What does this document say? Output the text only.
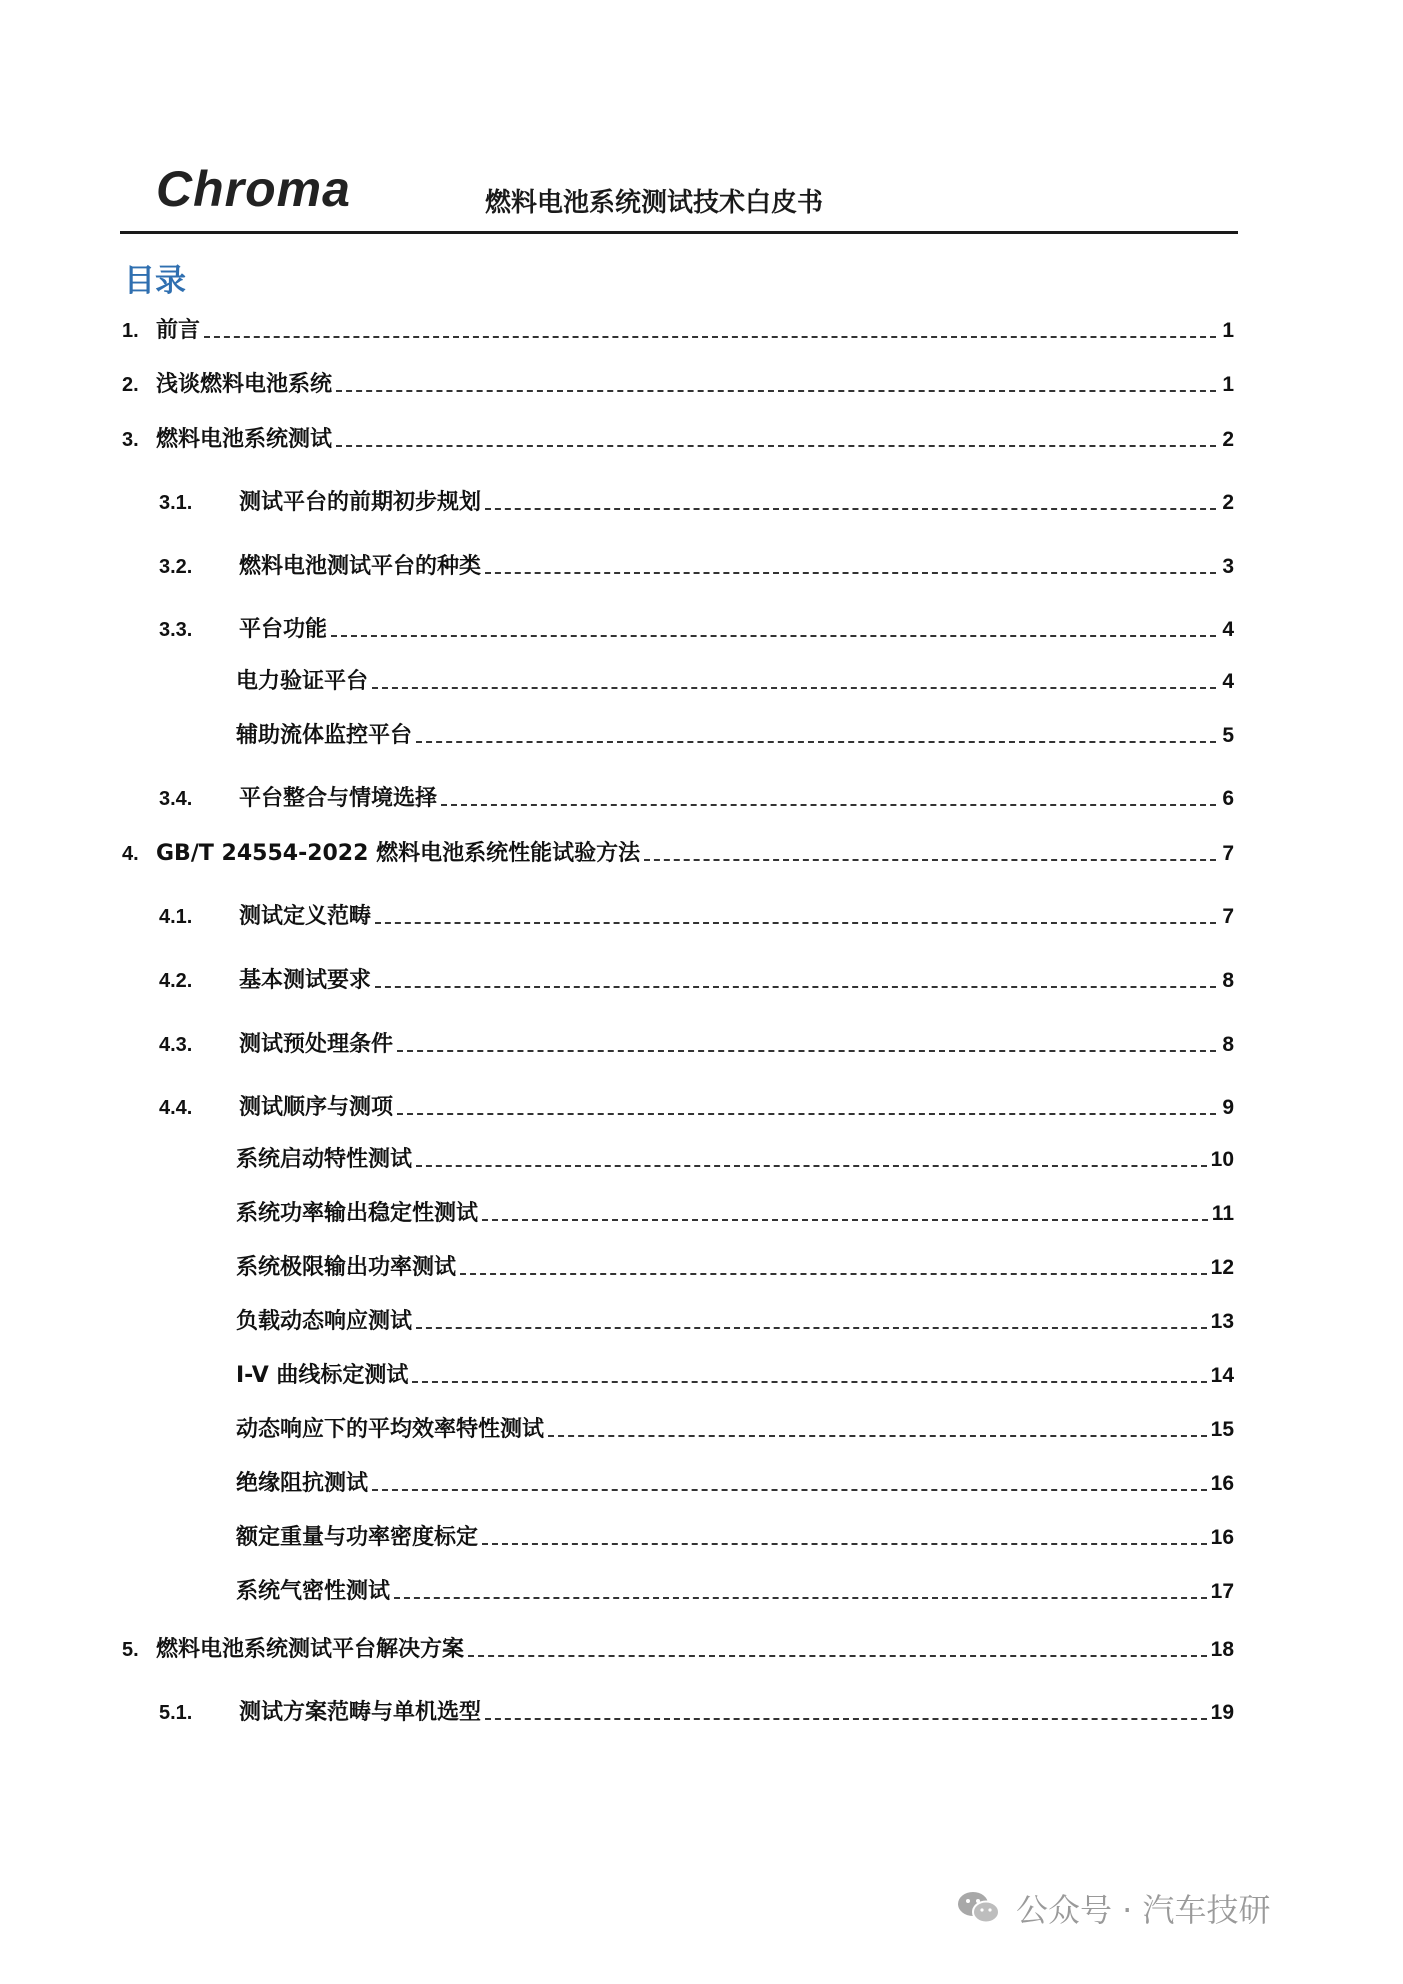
Chroma	燃料电池系统测试技术白皮书
目录
1. 前言	1
2. 浅谈燃料电池系统	1
3. 燃料电池系统测试	2
3.1.	测试平台的前期初步规划	2
3.2.	燃料电池测试平台的种类	3
3.3.	平台功能	4
电力验证平台	4
辅助流体监控平台	5
3.4.	平台整合与情境选择	6
4. GB/T 24554-2022 燃料电池系统性能试验方法	7
4.1.	测试定义范畴	7
4.2.	基本测试要求	8
4.3.	测试预处理条件	8
4.4.	测试顺序与测项	9
系统启动特性测试	10
系统功率输出稳定性测试	11
系统极限输出功率测试	12
负载动态响应测试	13
I-V 曲线标定测试	14
动态响应下的平均效率特性测试	15
绝缘阻抗测试	16
额定重量与功率密度标定	16
系统气密性测试	17
5. 燃料电池系统测试平台解决方案	18
5.1.	测试方案范畴与单机选型	19
公众号 · 汽车技研
